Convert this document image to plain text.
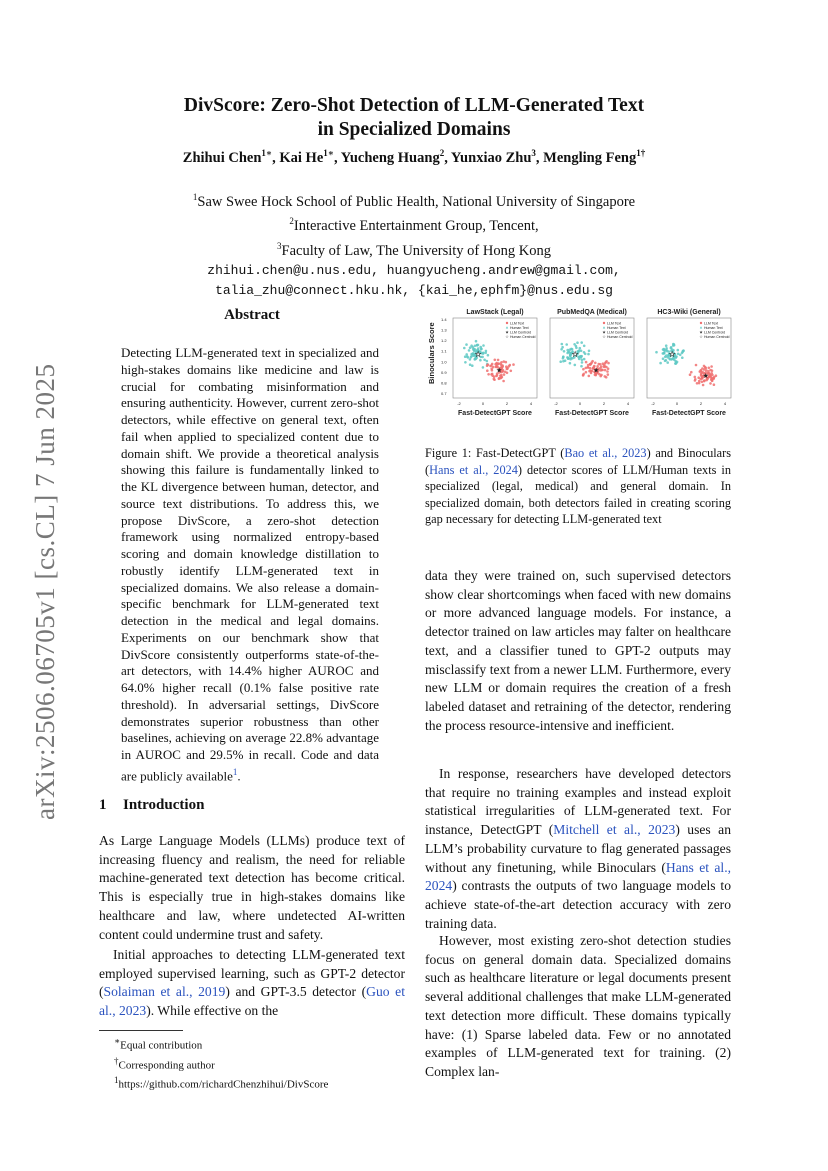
arXiv:2506.06705v1 [cs.CL] 7 Jun 2025
DivScore: Zero-Shot Detection of LLM-Generated Text
in Specialized Domains
Zhihui Chen$^{1∗}$, Kai $He^{1∗}$, Yucheng Huang$^2$, Yunxiao Zhu$^3$, Mengling Feng$^{1\dagger}$
$^1$Saw Swee Hock School of Public Health, National University of Singapore
$^2$Interactive Entertainment Group, Tencent,
$^3$Faculty of Law, The University of Hong Kong
zhihui.chen@u.nus.edu, huangyucheng.andrew@gmail.com,
talia_zhu@connect.hku.hk, {kai_he,ephfm}@nus.edu.sg
Abstract
Detecting LLM-generated text in specialized and high-stakes domains like medicine and law is crucial for combating misinformation and ensuring authenticity. However, current zero-shot detectors, while effective on general text, often fail when applied to specialized content due to domain shift. We provide a theoretical analysis showing this failure is fundamentally linked to the KL divergence between human, detector, and source text distributions. To address this, we propose DivScore, a zero-shot detection framework using normalized entropy-based scoring and domain knowledge distillation to robustly identify LLM-generated text in specialized domains. We also release a domain-specific benchmark for LLM-generated text detection in the medical and legal domains. Experiments on our benchmark show that DivScore consistently outperforms state-of-the-art detectors, with 14.4% higher AUROC and 64.0% higher recall (0.1% false positive rate threshold). In adversarial settings, DivScore demonstrates superior robustness than other baselines, achieving on average 22.8% advantage in AUROC and 29.5% in recall. Code and data are publicly available$^1$.
1 Introduction
As Large Language Models (LLMs) produce text of increasing fluency and realism, the need for reliable machine-generated text detection has become critical. This is especially true in high-stakes domains like healthcare and law, where undetected AI-written content could undermine trust and safety.
Initial approaches to detecting LLM-generated text employed supervised learning, such as GPT-2 detector (Solaiman et al., 2019) and GPT-3.5 detector (Guo et al., 2023). While effective on the
∗Equal contribution
†Corresponding author
$^1$https://github.com/richardChenzhihui/DivScore
Binoculars Score
1.4
1.3
1.2
1.1
1.0
0.9
0.8
0.7
LawStack (Legal)
Fast-DetectGPT Score
-2	0	2	4
★
★
LLM Text
Human Text
★ LLM Centroid
☆ Human Centroid
PubMedQA (Medical)
Fast-DetectGPT Score
-2	0	2	4
★
★
LLM Text
Human Text
★ LLM Centroid
☆ Human Centroid
HC3-Wiki (General)
Fast-DetectGPT Score
-2	0	2	4
★
★
LLM Text
Human Text
★ LLM Centroid
☆ Human Centroid
Figure 1: Fast-DetectGPT (Bao et al., 2023) and Binoculars (Hans et al., 2024) detector scores of LLM/Human texts in specialized (legal, medical) and general domain. In specialized domain, both detectors failed in creating scoring gap necessary for detecting LLM-generated text
data they were trained on, such supervised detectors show clear shortcomings when faced with new domains or more advanced language models. For instance, a detector trained on law articles may falter on healthcare text, and a classifier tuned to GPT-2 outputs may misclassify text from a newer LLM. Furthermore, every new LLM or domain requires the creation of a fresh labeled dataset and retraining of the detector, rendering the process resource-intensive and inefficient.
In response, researchers have developed detectors that require no training examples and instead exploit statistical irregularities of LLM-generated text. For instance, DetectGPT (Mitchell et al., 2023) uses an LLM’s probability curvature to flag generated passages without any finetuning, while Binoculars (Hans et al., 2024) contrasts the outputs of two language models to achieve state-of-the-art detection accuracy with zero training data.
However, most existing zero-shot detection studies focus on general domain data. Specialized domains such as healthcare literature or legal documents present several additional challenges that make LLM-generated text detection more difficult. These domains typically have: (1) Sparse labeled data. Few or no annotated examples of LLM-generated text for training. (2) Complex lan-
